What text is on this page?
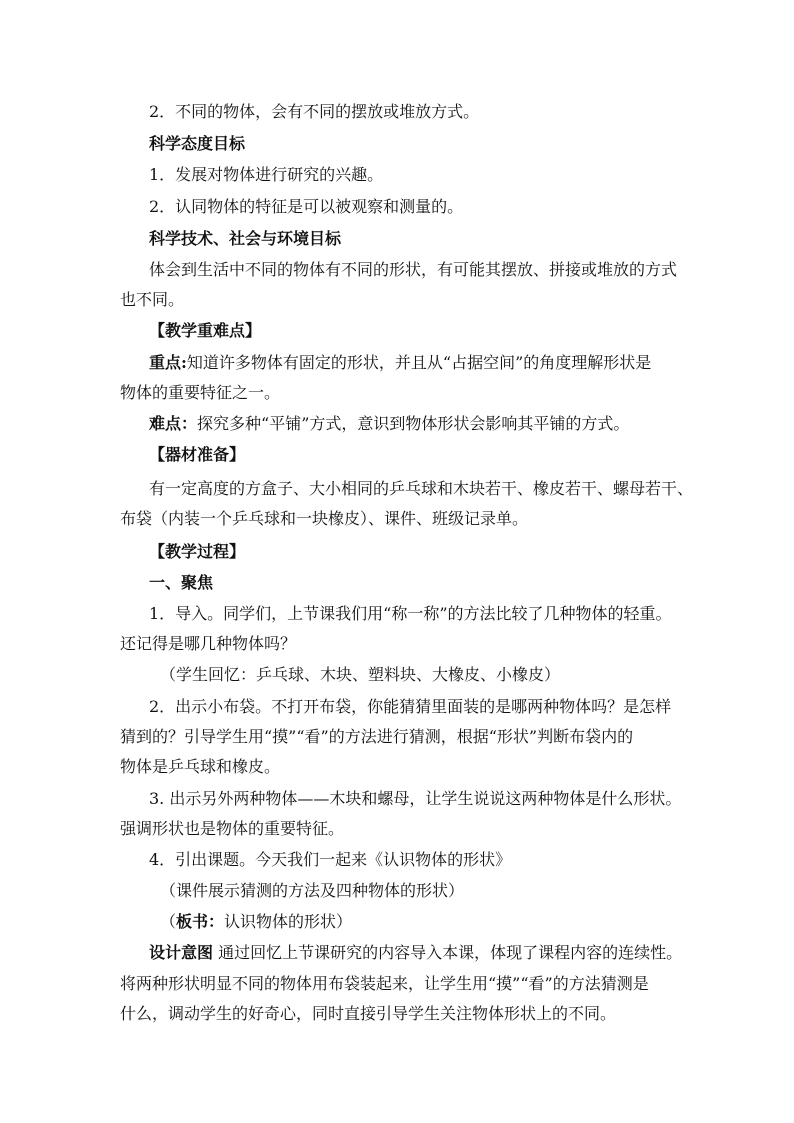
2．不同的物体，会有不同的摆放或堆放方式。
科学态度目标
1．发展对物体进行研究的兴趣。
2．认同物体的特征是可以被观察和测量的。
科学技术、社会与环境目标
体会到生活中不同的物体有不同的形状，有可能其摆放、拼接或堆放的方式
也不同。
【教学重难点】
重点:知道许多物体有固定的形状，并且从“占据空间”的角度理解形状是
物体的重要特征之一。
难点：探究多种“平铺”方式，意识到物体形状会影响其平铺的方式。
【器材准备】
有一定高度的方盒子、大小相同的乒乓球和木块若干、橡皮若干、螺母若干、
布袋（内装一个乒乓球和一块橡皮）、课件、班级记录单。
【教学过程】
一、聚焦
1．导入。同学们，上节课我们用“称一称”的方法比较了几种物体的轻重。
还记得是哪几种物体吗？
（学生回忆：乒乓球、木块、塑料块、大橡皮、小橡皮）
2．出示小布袋。不打开布袋，你能猜猜里面装的是哪两种物体吗？是怎样
猜到的？引导学生用“摸”“看”的方法进行猜测，根据“形状”判断布袋内的
物体是乒乓球和橡皮。
3. 出示另外两种物体——木块和螺母，让学生说说这两种物体是什么形状。
强调形状也是物体的重要特征。
4．引出课题。今天我们一起来《认识物体的形状》
（课件展示猜测的方法及四种物体的形状）
（板书：认识物体的形状）
设计意图 通过回忆上节课研究的内容导入本课，体现了课程内容的连续性。
将两种形状明显不同的物体用布袋装起来，让学生用“摸”“看”的方法猜测是
什么，调动学生的好奇心，同时直接引导学生关注物体形状上的不同。
